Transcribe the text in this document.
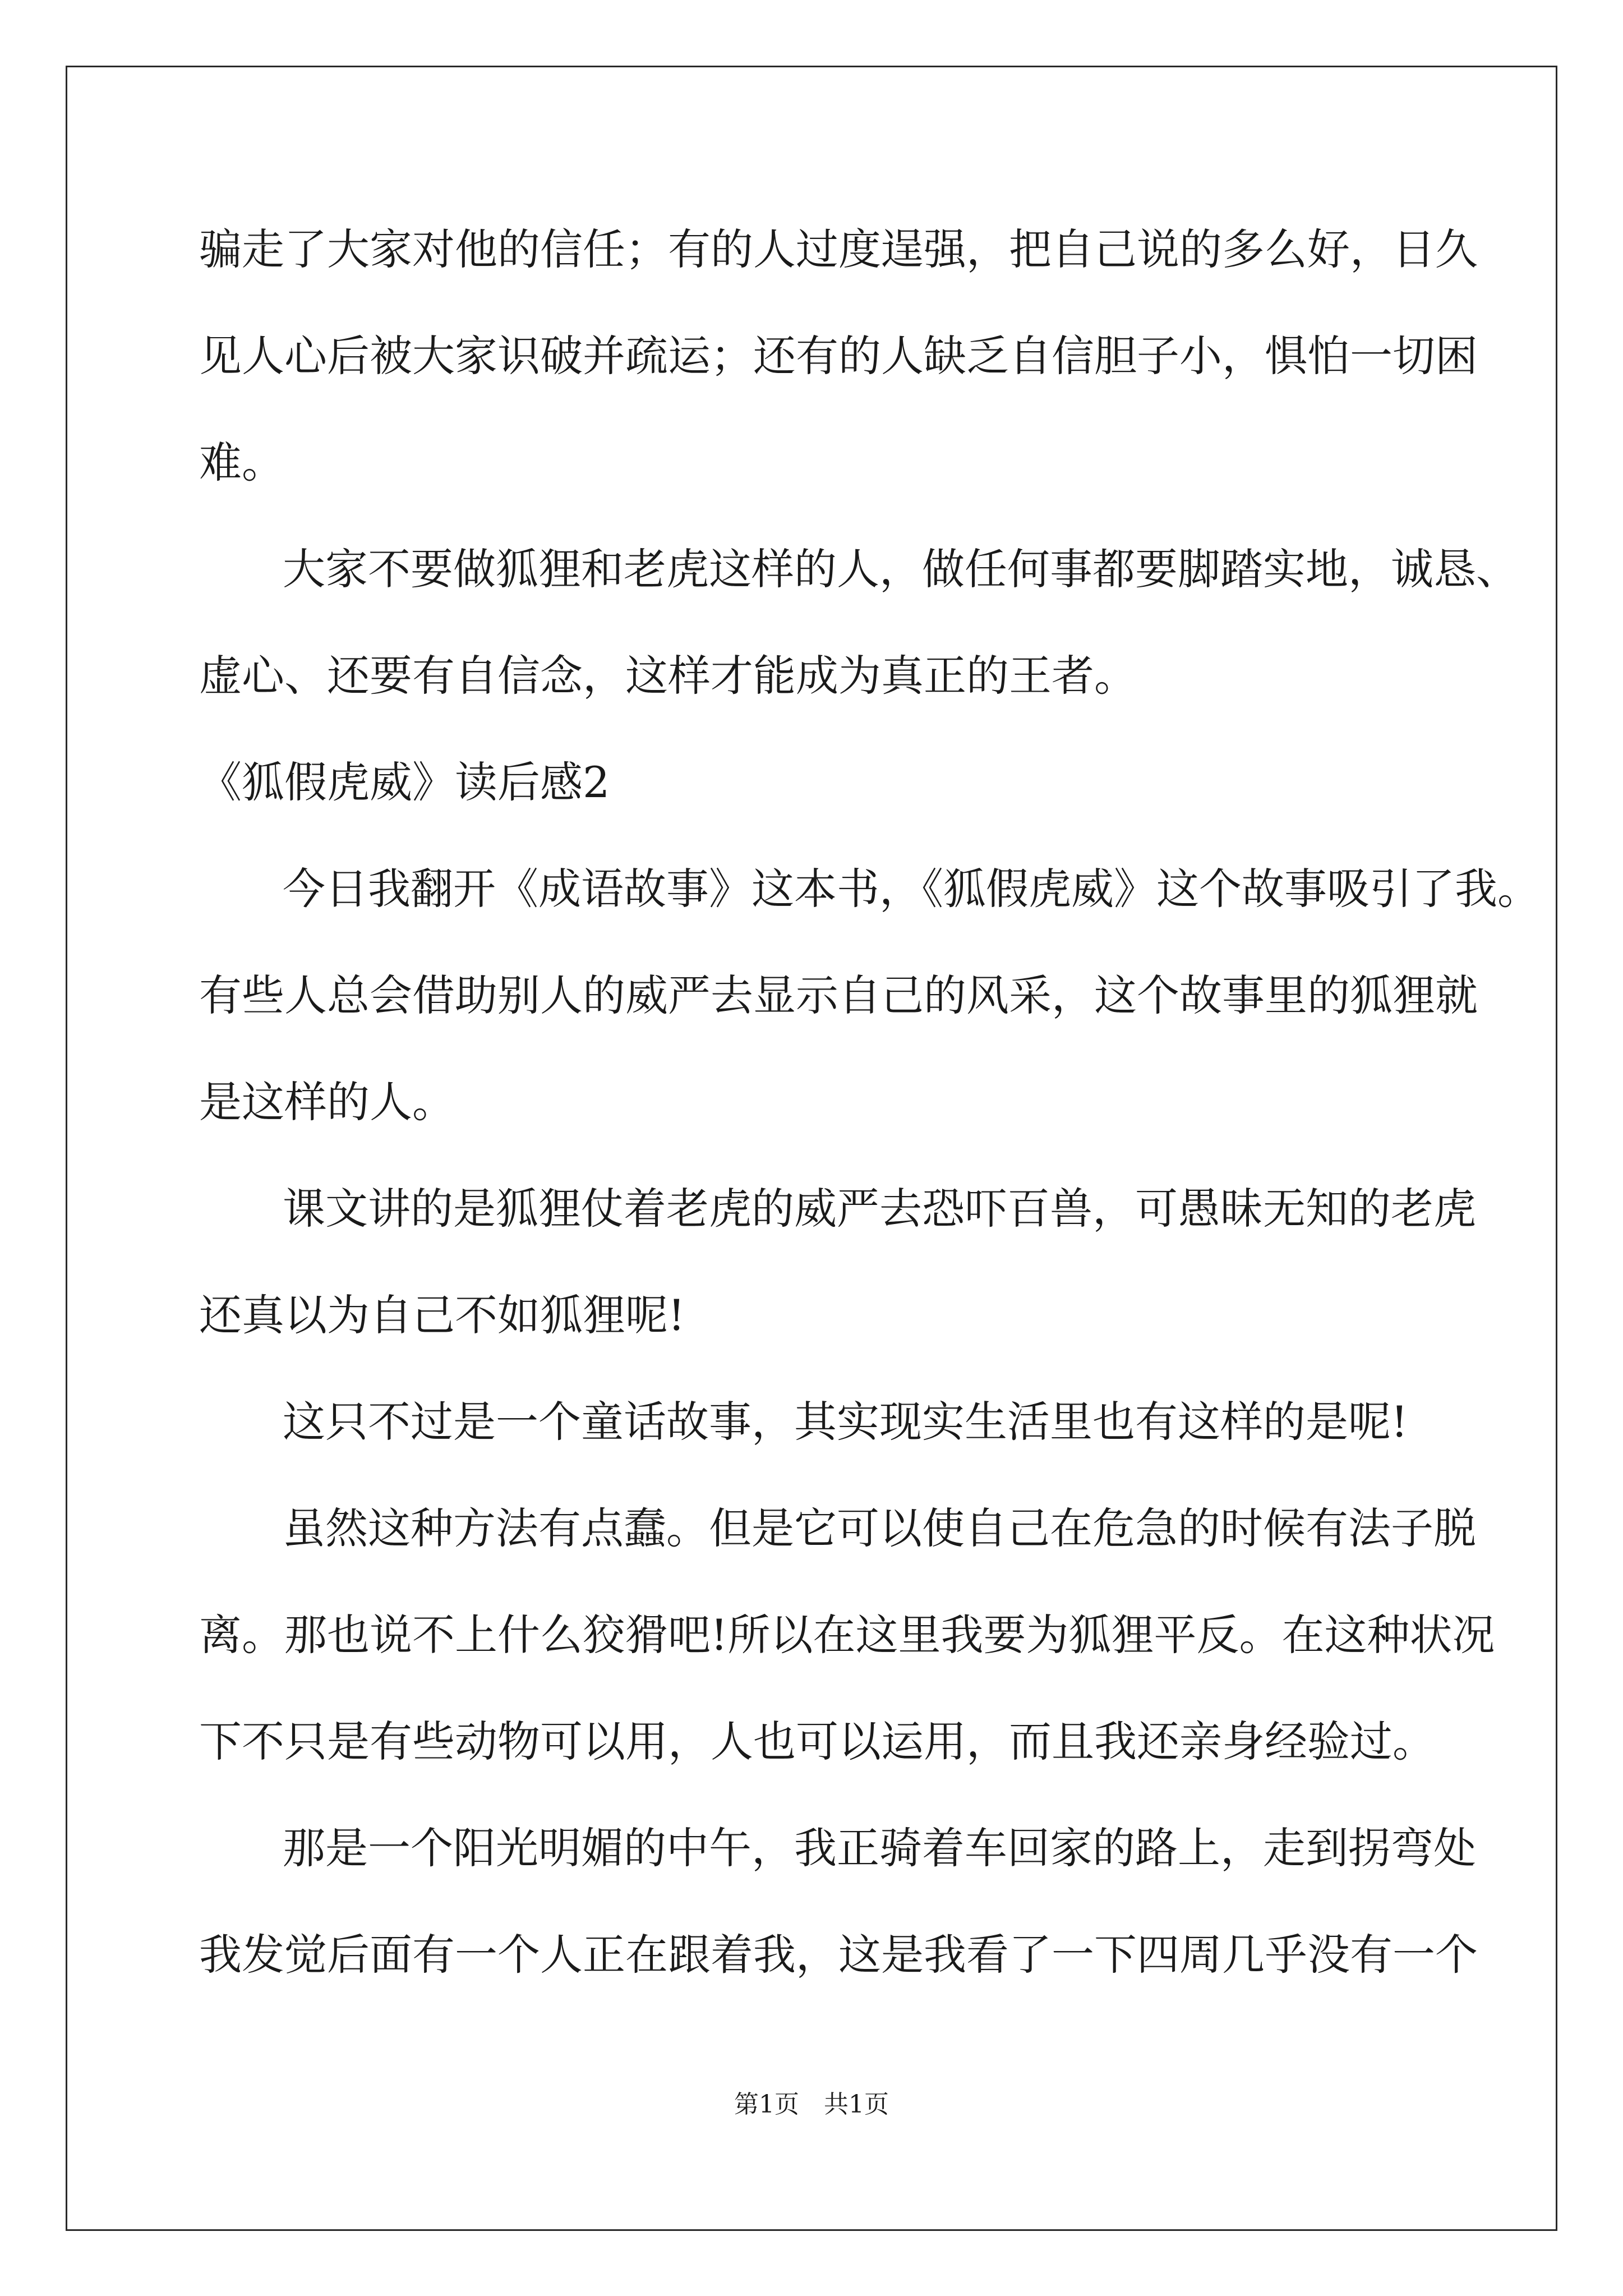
骗走了大家对他的信任；有的人过度逞强，把自己说的多么好，日久

见人心后被大家识破并疏运；还有的人缺乏自信胆子小，惧怕一切困

难。

大家不要做狐狸和老虎这样的人，做任何事都要脚踏实地，诚恳、

虚心、还要有自信念，这样才能成为真正的王者。

《狐假虎威》读后感2

今日我翻开《成语故事》这本书，《狐假虎威》这个故事吸引了我。

有些人总会借助别人的威严去显示自己的风采，这个故事里的狐狸就

是这样的人。

课文讲的是狐狸仗着老虎的威严去恐吓百兽，可愚昧无知的老虎

还真以为自己不如狐狸呢!

这只不过是一个童话故事，其实现实生活里也有这样的是呢!

虽然这种方法有点蠢。但是它可以使自己在危急的时候有法子脱

离。那也说不上什么狡猾吧!所以在这里我要为狐狸平反。在这种状况

下不只是有些动物可以用，人也可以运用，而且我还亲身经验过。

那是一个阳光明媚的中午，我正骑着车回家的路上，走到拐弯处

我发觉后面有一个人正在跟着我，这是我看了一下四周几乎没有一个

第1页　共1页
